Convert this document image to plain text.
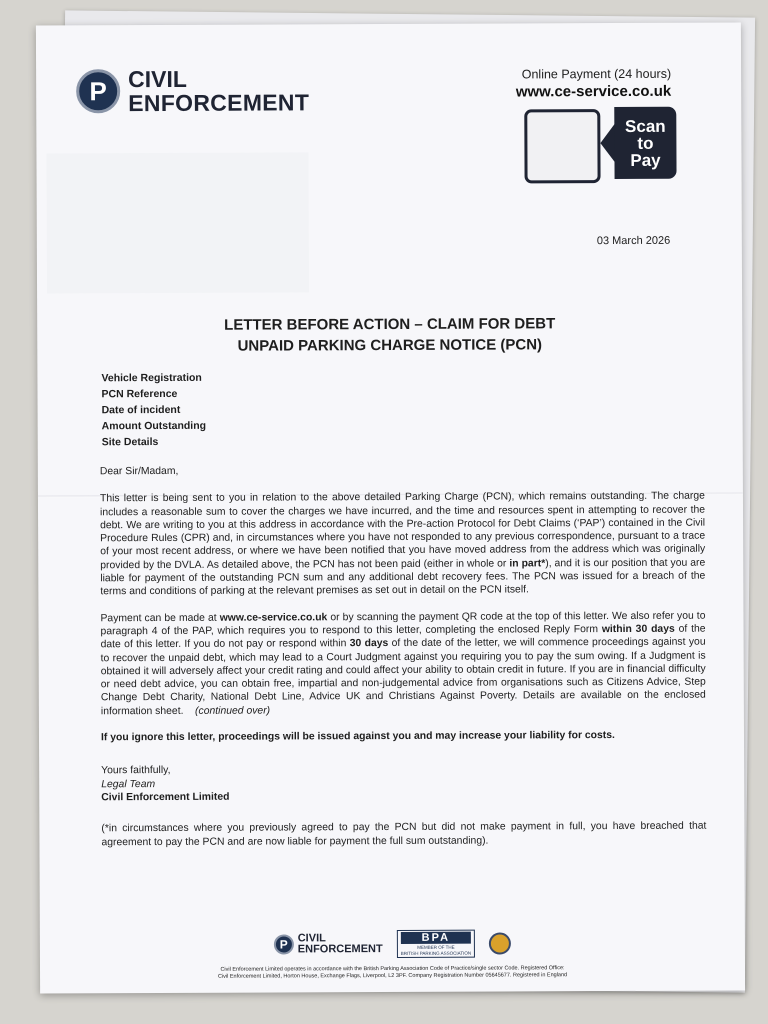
P CIVIL
ENFORCEMENT
Online Payment (24 hours)
www.ce-service.co.uk
Scan
to
Pay
03 March 2026
LETTER BEFORE ACTION – CLAIM FOR DEBT
UNPAID PARKING CHARGE NOTICE (PCN)
Vehicle Registration
PCN Reference
Date of incident
Amount Outstanding
Site Details

Dear Sir/Madam,

This letter is being sent to you in relation to the above detailed Parking Charge (PCN), which remains outstanding. The charge includes a reasonable sum to cover the charges we have incurred, and the time and resources spent in attempting to recover the debt. We are writing to you at this address in accordance with the Pre-action Protocol for Debt Claims (‘PAP’) contained in the Civil Procedure Rules (CPR) and, in circumstances where you have not responded to any previous correspondence, pursuant to a trace of your most recent address, or where we have been notified that you have moved address from the address which was originally provided by the DVLA. As detailed above, the PCN has not been paid (either in whole or in part*), and it is our position that you are liable for payment of the outstanding PCN sum and any additional debt recovery fees. The PCN was issued for a breach of the terms and conditions of parking at the relevant premises as set out in detail on the PCN itself.

Payment can be made at www.ce-service.co.uk or by scanning the payment QR code at the top of this letter. We also refer you to paragraph 4 of the PAP, which requires you to respond to this letter, completing the enclosed Reply Form within 30 days of the date of this letter. If you do not pay or respond within 30 days of the date of the letter, we will commence proceedings against you to recover the unpaid debt, which may lead to a Court Judgment against you requiring you to pay the sum owing. If a Judgment is obtained it will adversely affect your credit rating and could affect your ability to obtain credit in future. If you are in financial difficulty or need debt advice, you can obtain free, impartial and non-judgemental advice from organisations such as Citizens Advice, Step Change Debt Charity, National Debt Line, Advice UK and Christians Against Poverty. Details are available on the enclosed information sheet. (continued over)

If you ignore this letter, proceedings will be issued against you and may increase your liability for costs.

Yours faithfully,
Legal Team
Civil Enforcement Limited

(*in circumstances where you previously agreed to pay the PCN but did not make payment in full, you have breached that agreement to pay the PCN and are now liable for payment the full sum outstanding).

P CIVIL
ENFORCEMENT
BPA
MEMBER OF THE
BRITISH PARKING ASSOCIATION
Civil Enforcement Limited operates in accordance with the British Parking Association Code of Practice/single sector Code. Registered Office:
Civil Enforcement Limited, Horton House, Exchange Flags, Liverpool, L2 3PF. Company Registration Number 05645677. Registered in England
